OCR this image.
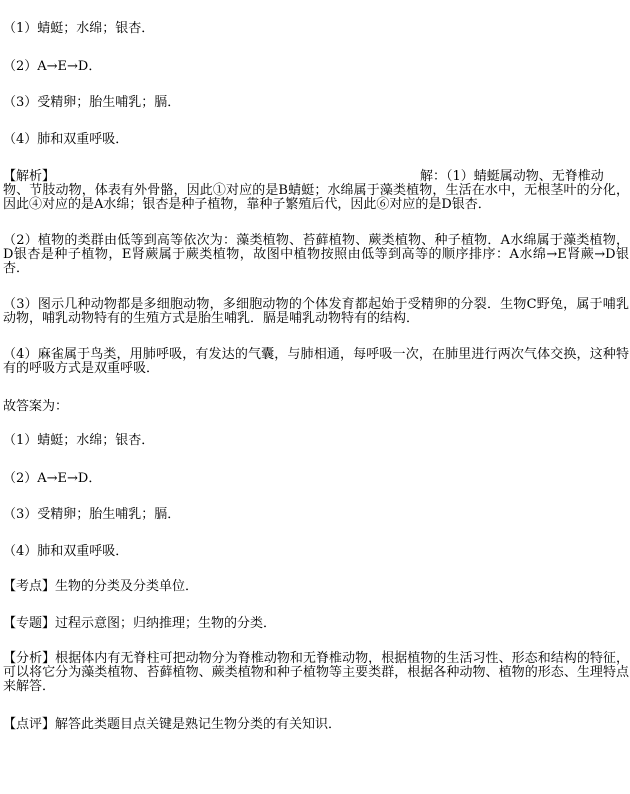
（1）蜻蜓；水绵；银杏．
（2）A→E→D．
（3）受精卵；胎生哺乳；膈．
（4）肺和双重呼吸．
【解析】	解：（1）蜻蜓属动物、无脊椎动
物、节肢动物，体表有外骨骼，因此①对应的是B蜻蜓；水绵属于藻类植物，生活在水中，无根茎叶的分化，因此④对应的是A水绵；银杏是种子植物，靠种子繁殖后代，因此⑥对应的是D银杏．
（2）植物的类群由低等到高等依次为：藻类植物、苔藓植物、蕨类植物、种子植物．A水绵属于藻类植物，D银杏是种子植物，E肾蕨属于蕨类植物，故图中植物按照由低等到高等的顺序排序：A水绵→E肾蕨→D银杏．
（3）图示几种动物都是多细胞动物，多细胞动物的个体发育都起始于受精卵的分裂．生物C野兔，属于哺乳动物，哺乳动物特有的生殖方式是胎生哺乳．膈是哺乳动物特有的结构．
（4）麻雀属于鸟类，用肺呼吸，有发达的气囊，与肺相通，每呼吸一次，在肺里进行两次气体交换，这种特有的呼吸方式是双重呼吸．
故答案为：
（1）蜻蜓；水绵；银杏．
（2）A→E→D．
（3）受精卵；胎生哺乳；膈．
（4）肺和双重呼吸．
【考点】生物的分类及分类单位．
【专题】过程示意图；归纳推理；生物的分类．
【分析】根据体内有无脊柱可把动物分为脊椎动物和无脊椎动物，根据植物的生活习性、形态和结构的特征，可以将它分为藻类植物、苔藓植物、蕨类植物和种子植物等主要类群，根据各种动物、植物的形态、生理特点来解答．
【点评】解答此类题目点关键是熟记生物分类的有关知识．
